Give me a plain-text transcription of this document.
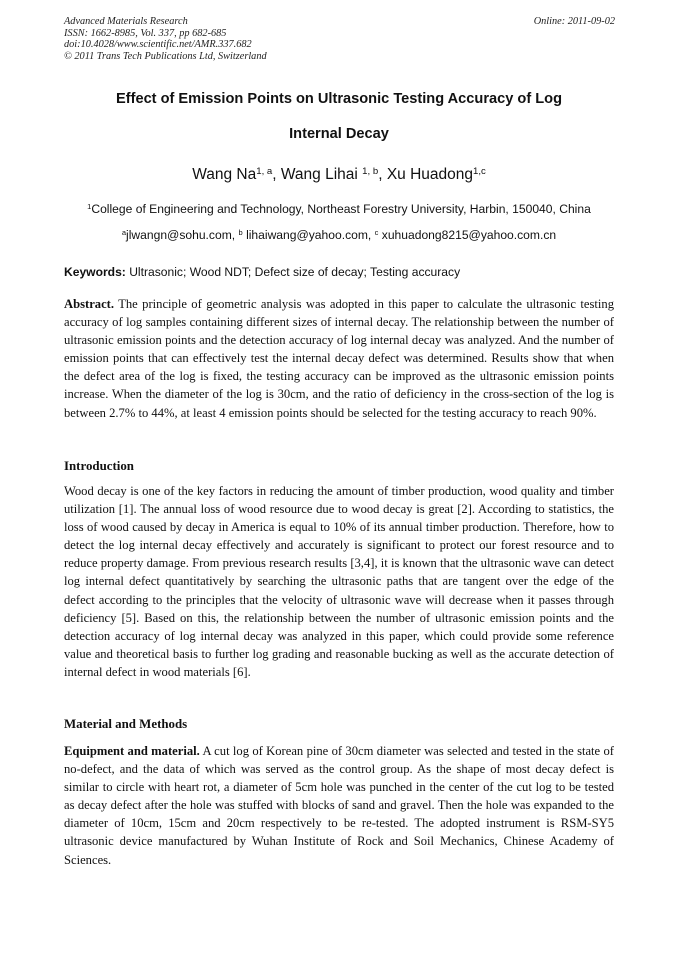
Advanced Materials Research
ISSN: 1662-8985, Vol. 337, pp 682-685
doi:10.4028/www.scientific.net/AMR.337.682
© 2011 Trans Tech Publications Ltd, Switzerland
Online: 2011-09-02
Effect of Emission Points on Ultrasonic Testing Accuracy of Log
Internal Decay
Wang Na$^{1, a}$, Wang Lihai $^{1, b}$, Xu Huadong$^{1,c}$
$^1$College of Engineering and Technology, Northeast Forestry University, Harbin, 150040, China
$^a$jlwangn@sohu.com, $^b$ lihaiwang@yahoo.com, $^c$ xuhuadong8215@yahoo.com.cn
Keywords: Ultrasonic; Wood NDT; Defect size of decay; Testing accuracy
Abstract. The principle of geometric analysis was adopted in this paper to calculate the ultrasonic testing accuracy of log samples containing different sizes of internal decay. The relationship between the number of ultrasonic emission points and the detection accuracy of log internal decay was analyzed. And the number of emission points that can effectively test the internal decay defect was determined. Results show that when the defect area of the log is fixed, the testing accuracy can be improved as the ultrasonic emission points increase. When the diameter of the log is 30cm, and the ratio of deficiency in the cross-section of the log is between 2.7% to 44%, at least 4 emission points should be selected for the testing accuracy to reach 90%.
Introduction
Wood decay is one of the key factors in reducing the amount of timber production, wood quality and timber utilization [1]. The annual loss of wood resource due to wood decay is great [2]. According to statistics, the loss of wood caused by decay in America is equal to 10% of its annual timber production. Therefore, how to detect the log internal decay effectively and accurately is significant to protect our forest resource and to reduce property damage. From previous research results [3,4], it is known that the ultrasonic wave can detect log internal defect quantitatively by searching the ultrasonic paths that are tangent over the edge of the defect according to the principles that the velocity of ultrasonic wave will decrease when it passes through deficiency [5]. Based on this, the relationship between the number of ultrasonic emission points and the detection accuracy of log internal decay was analyzed in this paper, which could provide some reference value and theoretical basis to further log grading and reasonable bucking as well as the accurate detection of internal defect in wood materials [6].
Material and Methods
Equipment and material. A cut log of Korean pine of 30cm diameter was selected and tested in the state of no-defect, and the data of which was served as the control group. As the shape of most decay defect is similar to circle with heart rot, a diameter of 5cm hole was punched in the center of the cut log to be tested as decay defect after the hole was stuffed with blocks of sand and gravel. Then the hole was expanded to the diameter of 10cm, 15cm and 20cm respectively to be re-tested. The adopted instrument is RSM-SY5 ultrasonic device manufactured by Wuhan Institute of Rock and Soil Mechanics, Chinese Academy of Sciences.
